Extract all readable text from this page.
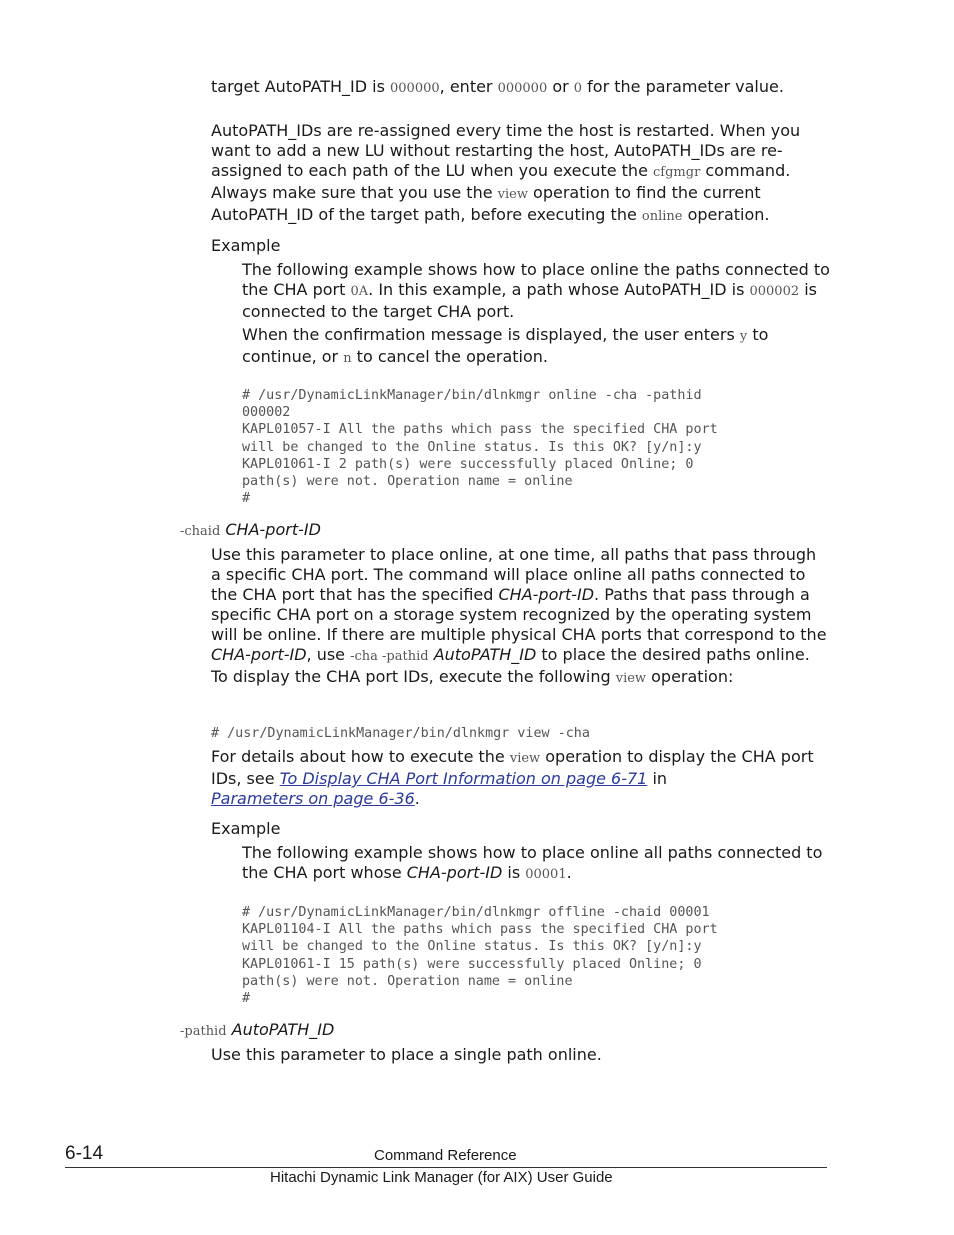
target AutoPATH_ID is 000000, enter 000000 or 0 for the parameter value.

AutoPATH_IDs are re-assigned every time the host is restarted. When you want to add a new LU without restarting the host, AutoPATH_IDs are re-assigned to each path of the LU when you execute the cfgmgr command. Always make sure that you use the view operation to find the current AutoPATH_ID of the target path, before executing the online operation.

Example

The following example shows how to place online the paths connected to the CHA port 0A. In this example, a path whose AutoPATH_ID is 000002 is connected to the target CHA port.

When the confirmation message is displayed, the user enters y to continue, or n to cancel the operation.

# /usr/DynamicLinkManager/bin/dlnkmgr online -cha -pathid
000002
KAPL01057-I All the paths which pass the specified CHA port
will be changed to the Online status. Is this OK? [y/n]:y
KAPL01061-I 2 path(s) were successfully placed Online; 0
path(s) were not. Operation name = online
#
-chaid CHA-port-ID

Use this parameter to place online, at one time, all paths that pass through a specific CHA port. The command will place online all paths connected to the CHA port that has the specified CHA-port-ID. Paths that pass through a specific CHA port on a storage system recognized by the operating system will be online. If there are multiple physical CHA ports that correspond to the CHA-port-ID, use -cha -pathid AutoPATH_ID to place the desired paths online. To display the CHA port IDs, execute the following view operation:

# /usr/DynamicLinkManager/bin/dlnkmgr view -cha

For details about how to execute the view operation to display the CHA port IDs, see To Display CHA Port Information on page 6-71 in
Parameters on page 6-36.

Example

The following example shows how to place online all paths connected to the CHA port whose CHA-port-ID is 00001.

# /usr/DynamicLinkManager/bin/dlnkmgr offline -chaid 00001
KAPL01104-I All the paths which pass the specified CHA port
will be changed to the Online status. Is this OK? [y/n]:y
KAPL01061-I 15 path(s) were successfully placed Online; 0
path(s) were not. Operation name = online
#
-pathid AutoPATH_ID

Use this parameter to place a single path online.

6-14	Command Reference
Hitachi Dynamic Link Manager (for AIX) User Guide
